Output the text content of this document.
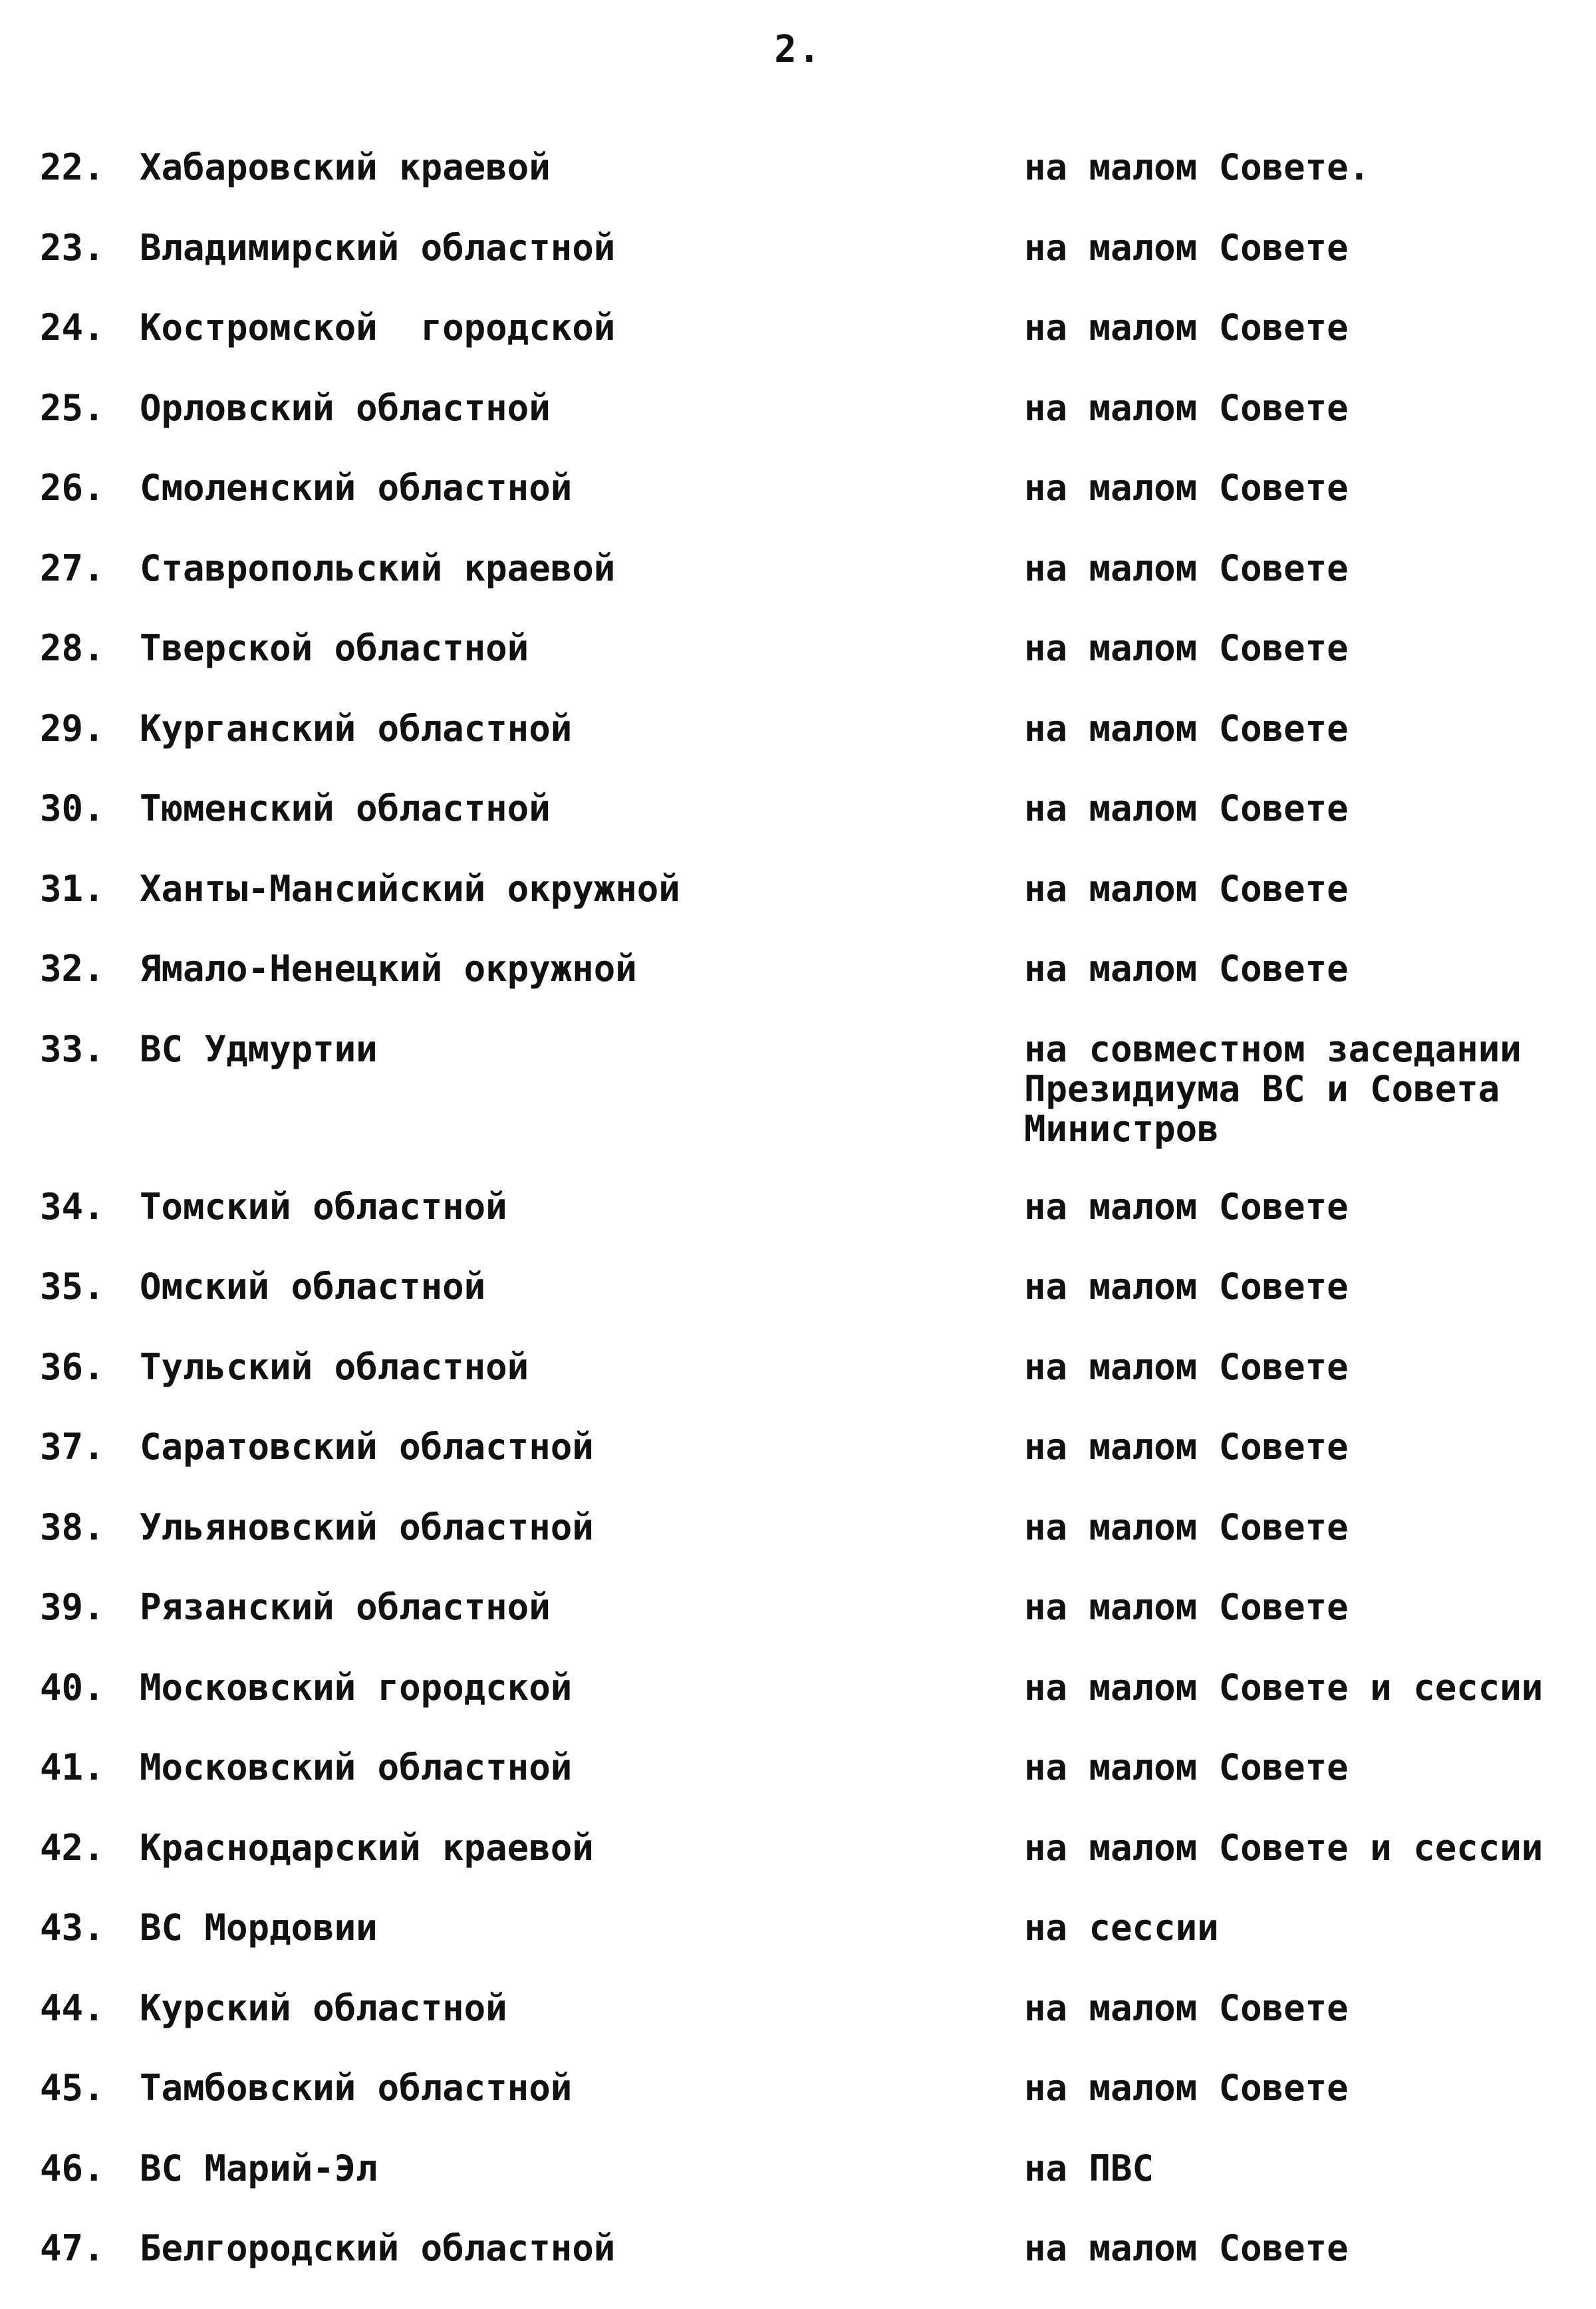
2.
22. Хабаровский краевой	на малом Совете.
23. Владимирский областной	на малом Совете
24. Костромской  городской	на малом Совете
25. Орловский областной	на малом Совете
26. Смоленский областной	на малом Совете
27. Ставропольский краевой	на малом Совете
28. Тверской областной	на малом Совете
29. Курганский областной	на малом Совете
30. Тюменский областной	на малом Совете
31. Ханты-Мансийский окружной	на малом Совете
32. Ямало-Ненецкий окружной	на малом Совете
33. ВС Удмуртии	на совместном заседании
Президиума ВС и Совета
Министров
34. Томский областной	на малом Совете
35. Омский областной	на малом Совете
36. Тульский областной	на малом Совете
37. Саратовский областной	на малом Совете
38. Ульяновский областной	на малом Совете
39. Рязанский областной	на малом Совете
40. Московский городской	на малом Совете и сессии
41. Московский областной	на малом Совете
42. Краснодарский краевой	на малом Совете и сессии
43. ВС Мордовии	на сессии
44. Курский областной	на малом Совете
45. Тамбовский областной	на малом Совете
46. ВС Марий-Эл	на ПВС
47. Белгородский областной	на малом Совете
